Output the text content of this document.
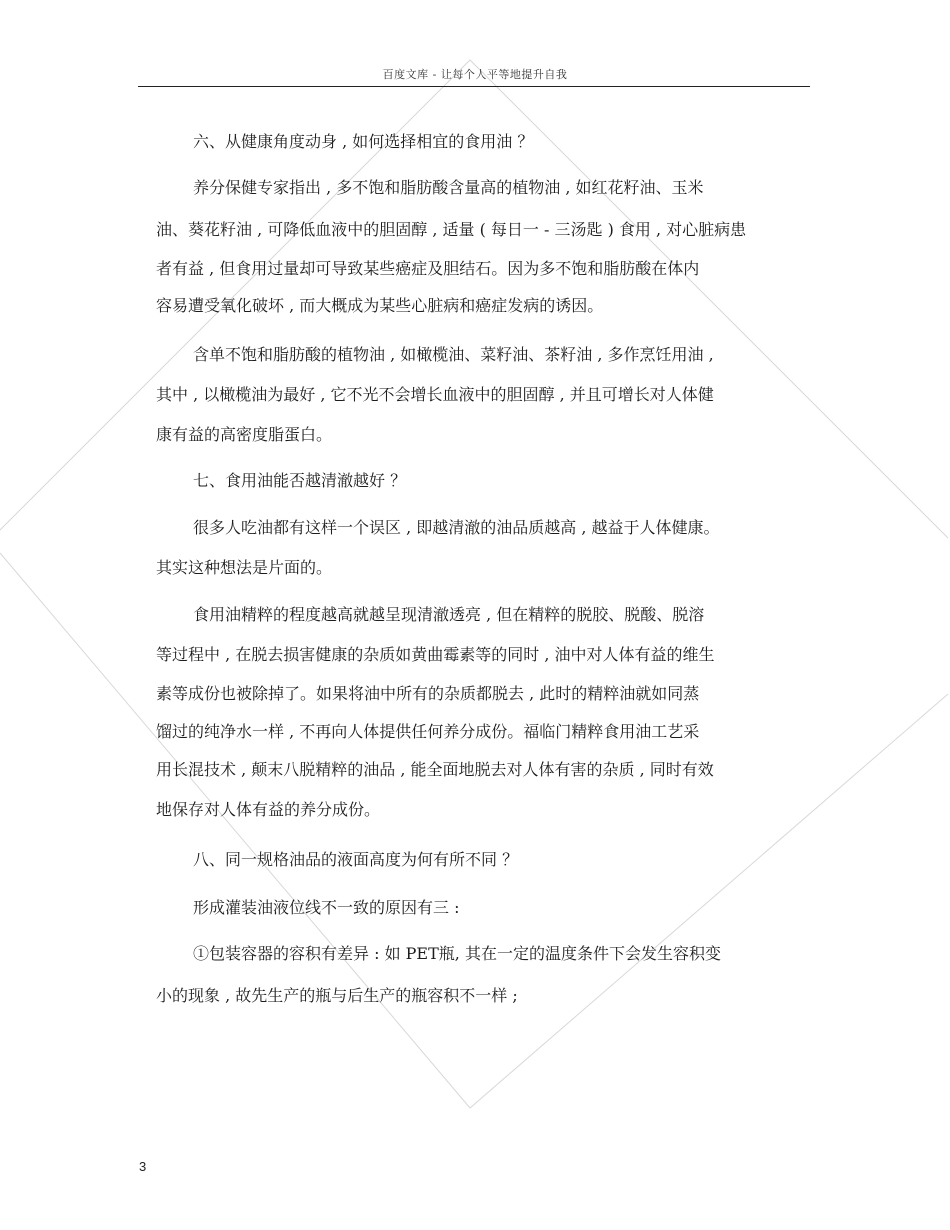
百度文库 - 让每个人平等地提升自我
六、从健康角度动身 , 如何选择相宜的食用油 ？
养分保健专家指出 , 多不饱和脂肪酸含量高的植物油 , 如红花籽油、玉米
油、葵花籽油 , 可降低血液中的胆固醇 , 适量 ( 每日一 - 三汤匙 ) 食用 , 对心脏病患
者有益 , 但食用过量却可导致某些癌症及胆结石。因为多不饱和脂肪酸在体内
容易遭受氧化破坏 , 而大概成为某些心脏病和癌症发病的诱因。
含单不饱和脂肪酸的植物油 , 如橄榄油、菜籽油、茶籽油 , 多作烹饪用油 ,
其中 , 以橄榄油为最好 , 它不光不会增长血液中的胆固醇 , 并且可增长对人体健
康有益的高密度脂蛋白。
七、食用油能否越清澈越好 ？
很多人吃油都有这样一个误区 , 即越清澈的油品质越高 , 越益于人体健康。
其实这种想法是片面的。
食用油精粹的程度越高就越呈现清澈透亮 , 但在精粹的脱胶、脱酸、脱溶
等过程中 , 在脱去损害健康的杂质如黄曲霉素等的同时 , 油中对人体有益的维生
素等成份也被除掉了。如果将油中所有的杂质都脱去 , 此时的精粹油就如同蒸
馏过的纯净水一样 , 不再向人体提供任何养分成份。福临门精粹食用油工艺采
用长混技术 , 颠末八脱精粹的油品 , 能全面地脱去对人体有害的杂质 , 同时有效
地保存对人体有益的养分成份。
八、同一规格油品的液面高度为何有所不同 ？
形成灌装油液位线不一致的原因有三 :
①包装容器的容积有差异 : 如 PET瓶, 其在一定的温度条件下会发生容积变
小的现象 , 故先生产的瓶与后生产的瓶容积不一样 ;
3
